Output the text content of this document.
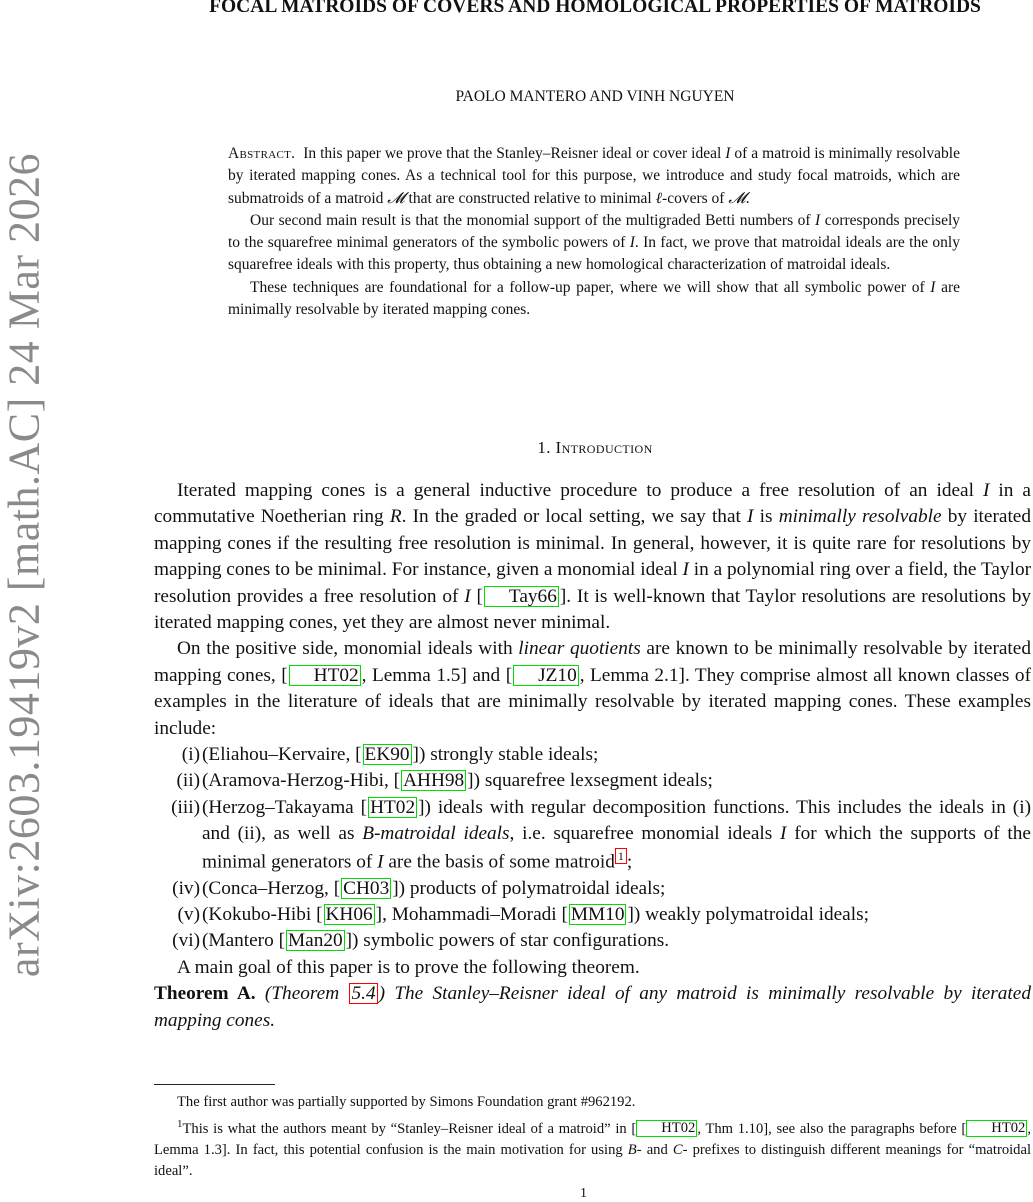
arXiv:2603.19419v2 [math.AC] 24 Mar 2026
FOCAL MATROIDS OF COVERS AND HOMOLOGICAL PROPERTIES OF MATROIDS
PAOLO MANTERO AND VINH NGUYEN

Abstract. In this paper we prove that the Stanley–Reisner ideal or cover ideal I of a matroid is minimally resolvable by iterated mapping cones. As a technical tool for this purpose, we introduce and study focal matroids, which are submatroids of a matroid 𝓜 that are constructed relative to minimal ℓ-covers of 𝓜.

Our second main result is that the monomial support of the multigraded Betti numbers of I corresponds precisely to the squarefree minimal generators of the symbolic powers of I. In fact, we prove that matroidal ideals are the only squarefree ideals with this property, thus obtaining a new homological characterization of matroidal ideals.

These techniques are foundational for a follow-up paper, where we will show that all symbolic power of I are minimally resolvable by iterated mapping cones.

1. Introduction

Iterated mapping cones is a general inductive procedure to produce a free resolution of an ideal I in a commutative Noetherian ring R. In the graded or local setting, we say that I is minimally resolvable by iterated mapping cones if the resulting free resolution is minimal. In general, however, it is quite rare for resolutions by mapping cones to be minimal. For instance, given a monomial ideal I in a polynomial ring over a field, the Taylor resolution provides a free resolution of I [ Tay66 ]. It is well-known that Taylor resolutions are resolutions by iterated mapping cones, yet they are almost never minimal.

On the positive side, monomial ideals with linear quotients are known to be minimally resolvable by iterated mapping cones, [ HT02 , Lemma 1.5] and [ JZ10 , Lemma 2.1]. They comprise almost all known classes of examples in the literature of ideals that are minimally resolvable by iterated mapping cones. These examples include:

(i) (Eliahou–Kervaire, [ EK90 ]) strongly stable ideals;
(ii) (Aramova-Herzog-Hibi, [ AHH98 ]) squarefree lexsegment ideals;
(iii) (Herzog–Takayama [ HT02 ]) ideals with regular decomposition functions. This includes the ideals in (i) and (ii), as well as B-matroidal ideals, i.e. squarefree monomial ideals I for which the supports of the minimal generators of I are the basis of some matroid 1 ;
(iv) (Conca–Herzog, [ CH03 ]) products of polymatroidal ideals;
(v) (Kokubo-Hibi [ KH06 ], Mohammadi–Moradi [ MM10 ]) weakly polymatroidal ideals;
(vi) (Mantero [ Man20 ]) symbolic powers of star configurations.

A main goal of this paper is to prove the following theorem.

Theorem A. (Theorem 5.4 ) The Stanley–Reisner ideal of any matroid is minimally resolvable by iterated mapping cones.

The first author was partially supported by Simons Foundation grant #962192.

$^1$This is what the authors meant by “Stanley–Reisner ideal of a matroid” in [ HT02 , Thm 1.10], see also the paragraphs before [ HT02 , Lemma 1.3]. In fact, this potential confusion is the main motivation for using B- and C- prefixes to distinguish different meanings for “matroidal ideal”.

1
